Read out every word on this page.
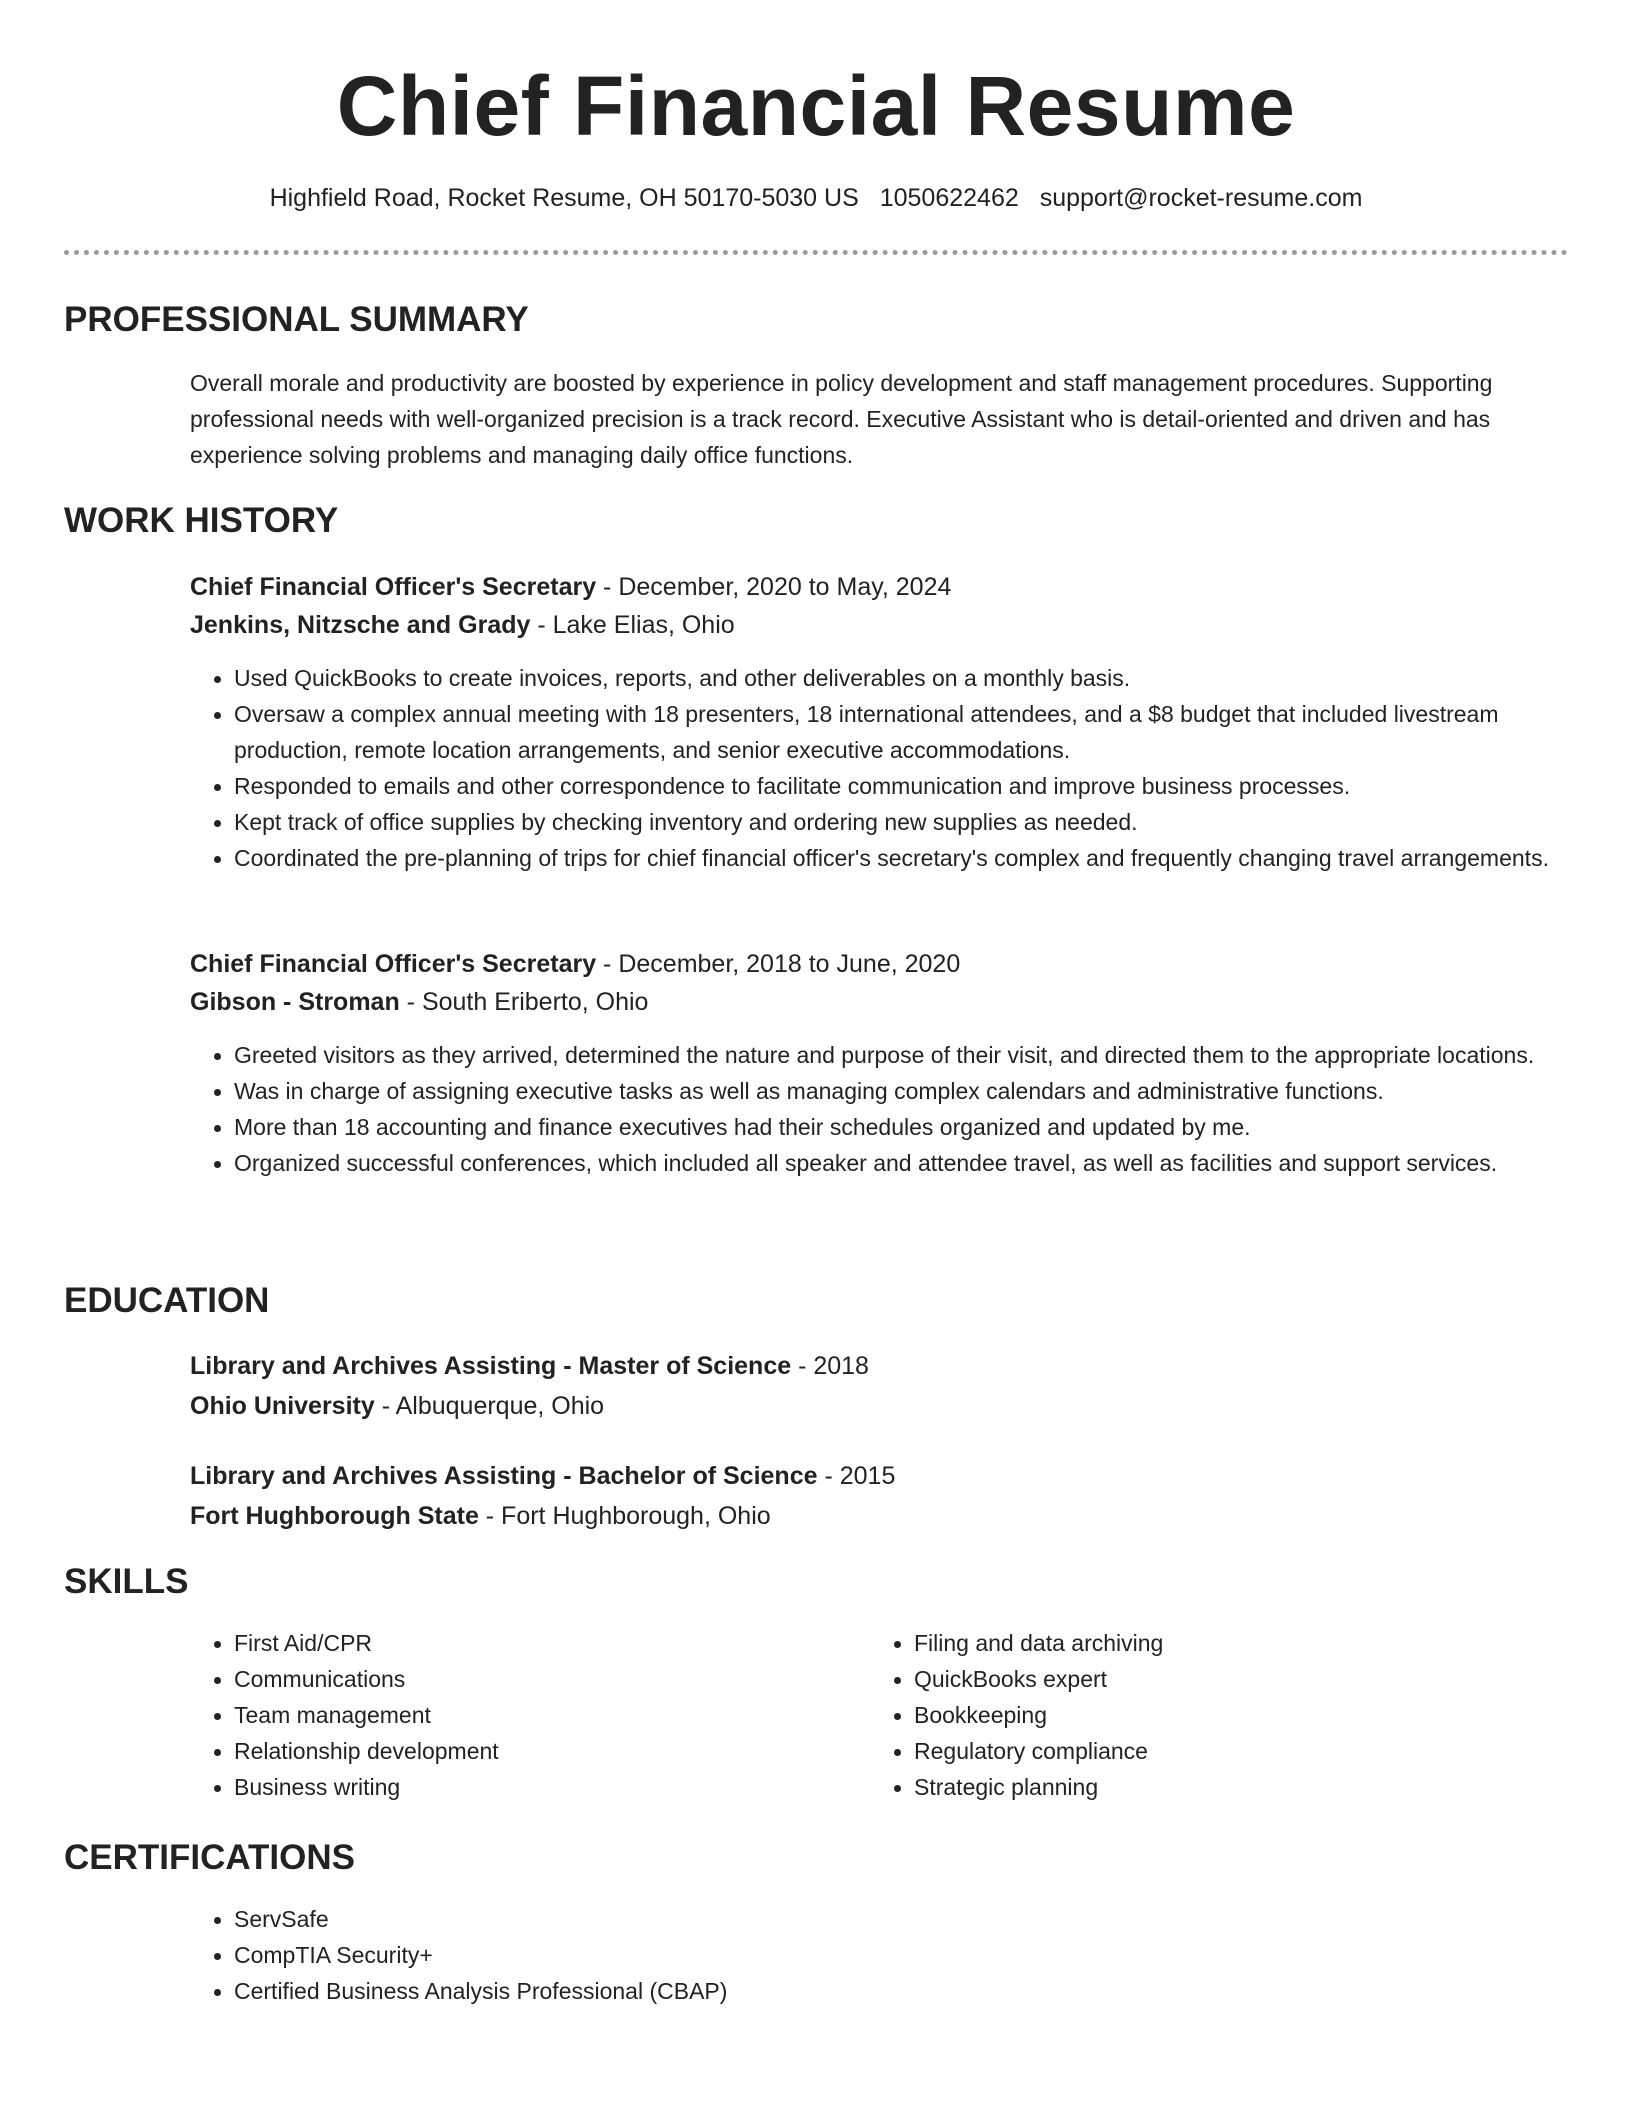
Chief Financial Resume
Highfield Road, Rocket Resume, OH 50170-5030 US 1050622462 support@rocket-resume.com
PROFESSIONAL SUMMARY
Overall morale and productivity are boosted by experience in policy development and staff management procedures. Supporting professional needs with well-organized precision is a track record. Executive Assistant who is detail-oriented and driven and has experience solving problems and managing daily office functions.
WORK HISTORY
Chief Financial Officer's Secretary - December, 2020 to May, 2024
Jenkins, Nitzsche and Grady - Lake Elias, Ohio
• Used QuickBooks to create invoices, reports, and other deliverables on a monthly basis.
• Oversaw a complex annual meeting with 18 presenters, 18 international attendees, and a $8 budget that included livestream production, remote location arrangements, and senior executive accommodations.
• Responded to emails and other correspondence to facilitate communication and improve business processes.
• Kept track of office supplies by checking inventory and ordering new supplies as needed.
• Coordinated the pre-planning of trips for chief financial officer's secretary's complex and frequently changing travel arrangements.
Chief Financial Officer's Secretary - December, 2018 to June, 2020
Gibson - Stroman - South Eriberto, Ohio
• Greeted visitors as they arrived, determined the nature and purpose of their visit, and directed them to the appropriate locations.
• Was in charge of assigning executive tasks as well as managing complex calendars and administrative functions.
• More than 18 accounting and finance executives had their schedules organized and updated by me.
• Organized successful conferences, which included all speaker and attendee travel, as well as facilities and support services.
EDUCATION
Library and Archives Assisting - Master of Science - 2018
Ohio University - Albuquerque, Ohio
Library and Archives Assisting - Bachelor of Science - 2015
Fort Hughborough State - Fort Hughborough, Ohio
SKILLS
• First Aid/CPR
• Communications
• Team management
• Relationship development
• Business writing
• Filing and data archiving
• QuickBooks expert
• Bookkeeping
• Regulatory compliance
• Strategic planning
CERTIFICATIONS
• ServSafe
• CompTIA Security+
• Certified Business Analysis Professional (CBAP)
